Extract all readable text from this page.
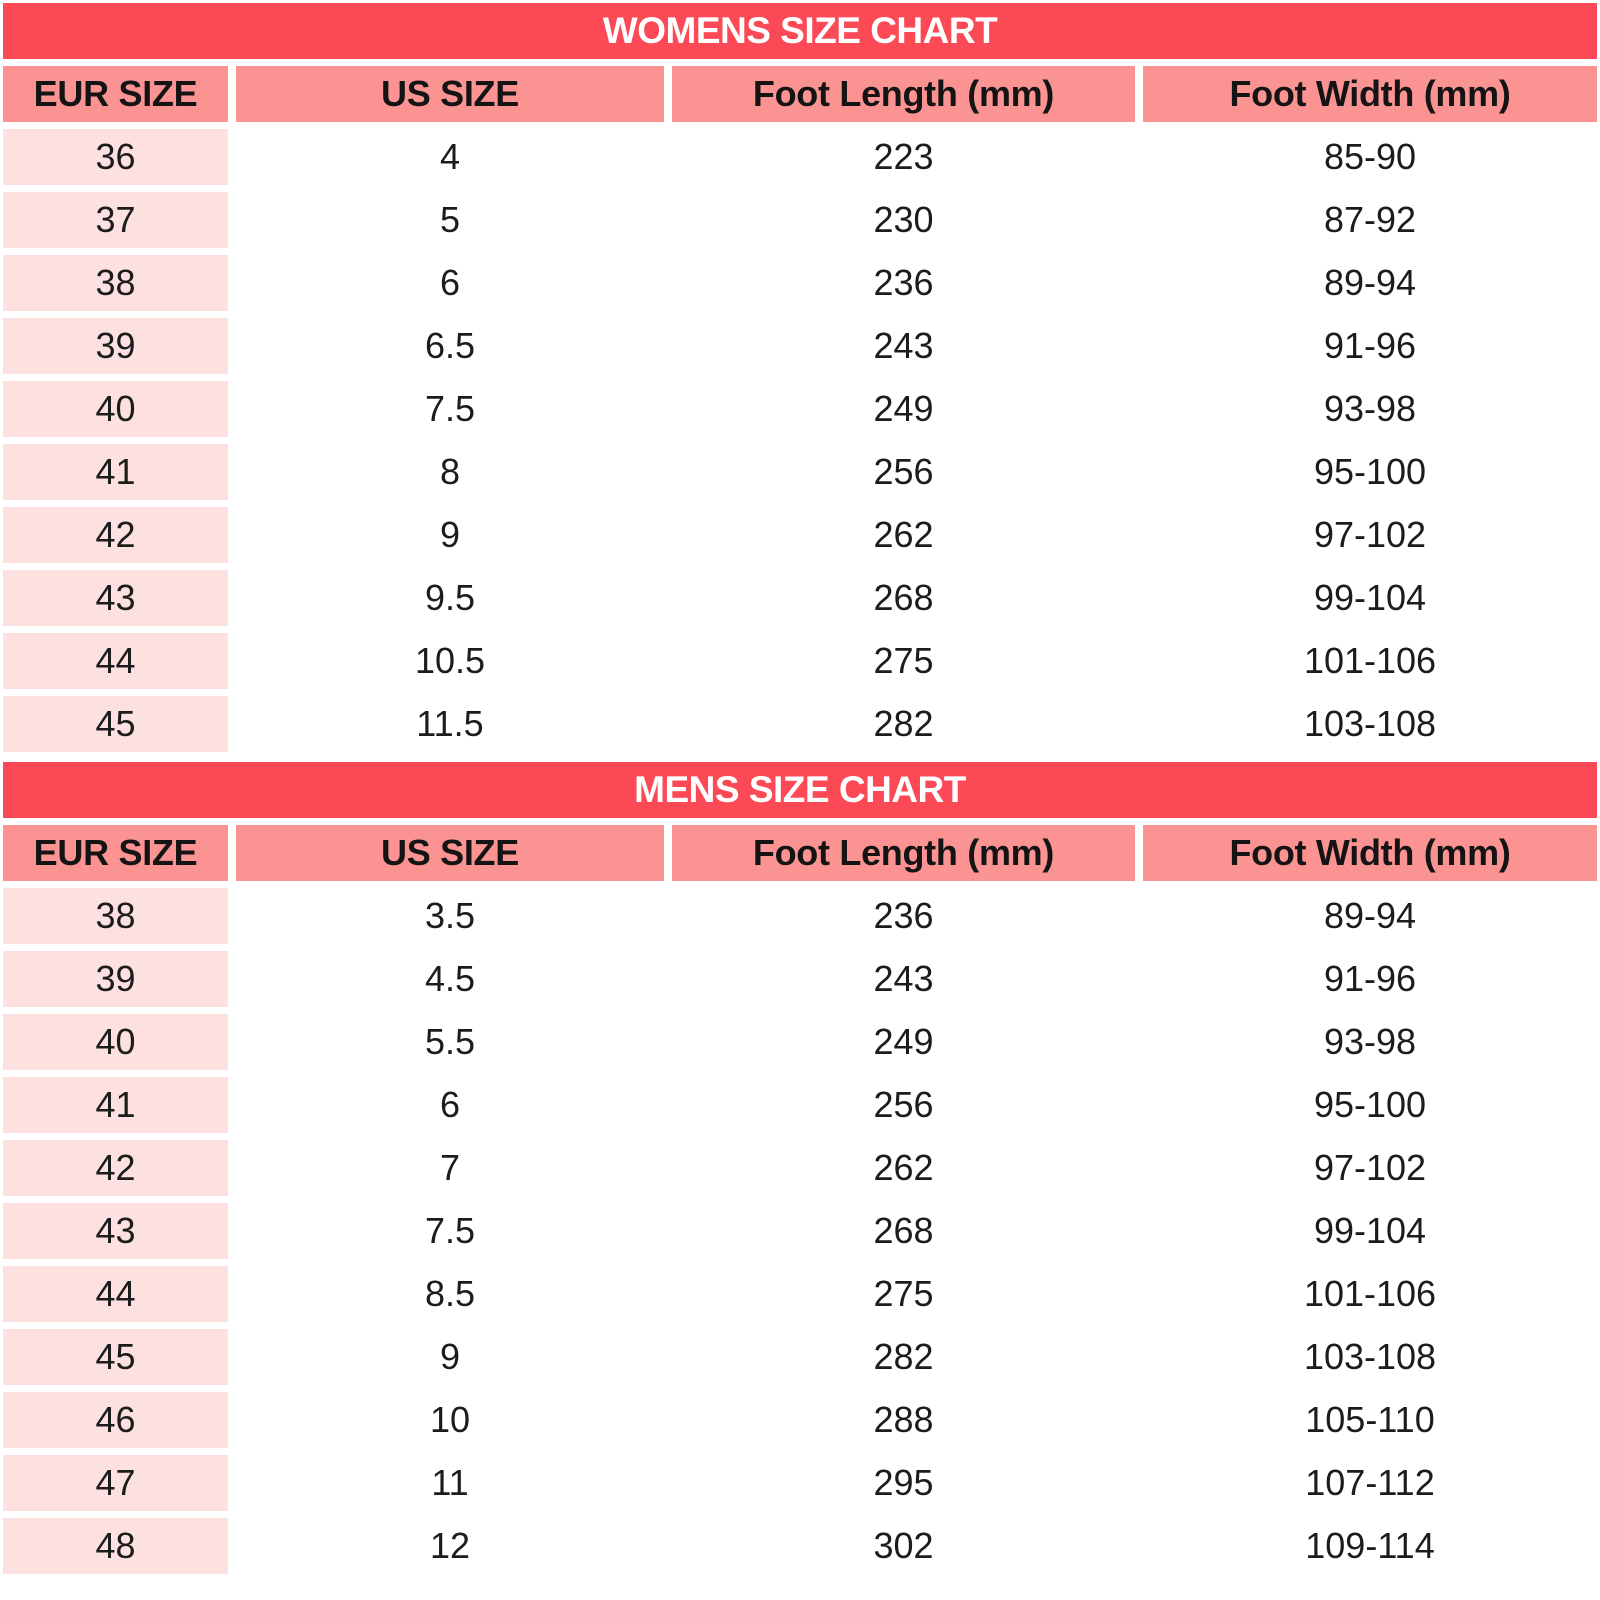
WOMENS SIZE CHART
EUR SIZE	US SIZE	Foot Length (mm)	Foot Width (mm)
36	4	223	85-90
37	5	230	87-92
38	6	236	89-94
39	6.5	243	91-96
40	7.5	249	93-98
41	8	256	95-100
42	9	262	97-102
43	9.5	268	99-104
44	10.5	275	101-106
45	11.5	282	103-108
MENS SIZE CHART
EUR SIZE	US SIZE	Foot Length (mm)	Foot Width (mm)
38	3.5	236	89-94
39	4.5	243	91-96
40	5.5	249	93-98
41	6	256	95-100
42	7	262	97-102
43	7.5	268	99-104
44	8.5	275	101-106
45	9	282	103-108
46	10	288	105-110
47	11	295	107-112
48	12	302	109-114
